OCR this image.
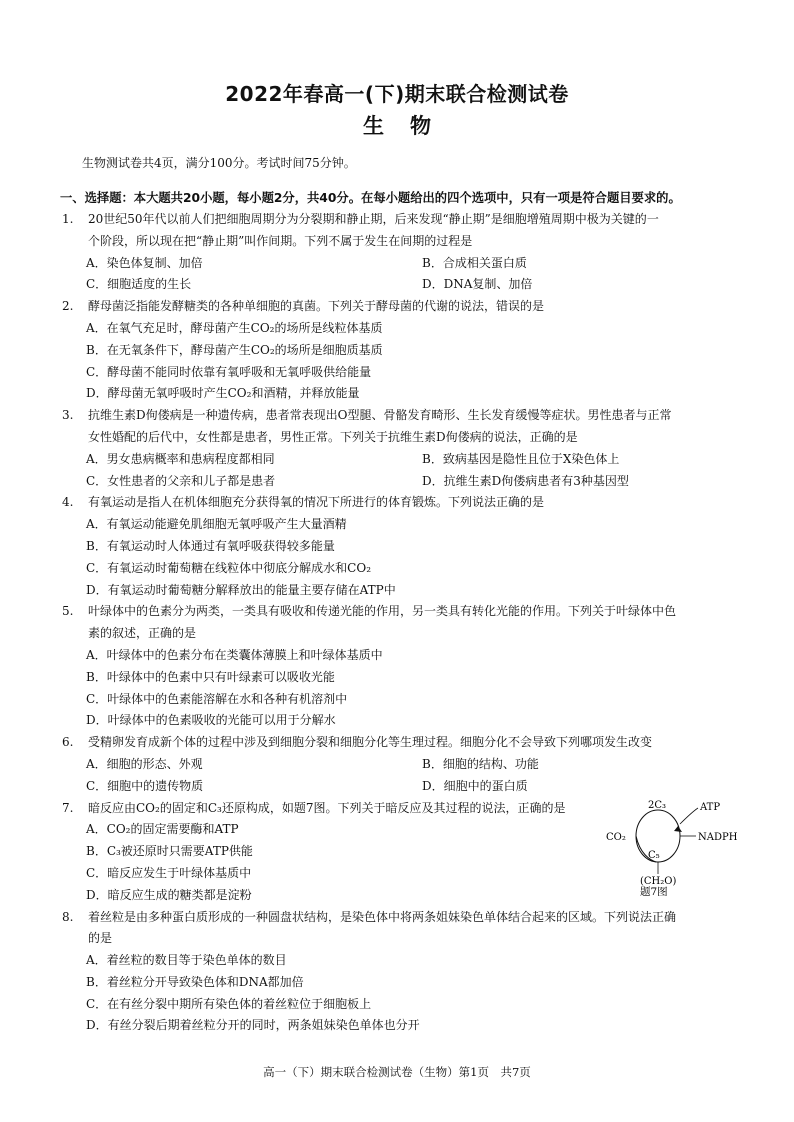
2022年春高一(下)期末联合检测试卷
生物
生物测试卷共4页，满分100分。考试时间75分钟。
一、选择题：本大题共20小题，每小题2分，共40分。在每小题给出的四个选项中，只有一项是符合题目要求的。
1.	20世纪50年代以前人们把细胞周期分为分裂期和静止期，后来发现“静止期”是细胞增殖周期中极为关键的一
个阶段，所以现在把“静止期”叫作间期。下列不属于发生在间期的过程是
A．染色体复制、加倍	B．合成相关蛋白质
C．细胞适度的生长	D．DNA复制、加倍
2.	酵母菌泛指能发酵糖类的各种单细胞的真菌。下列关于酵母菌的代谢的说法，错误的是
A．在氧气充足时，酵母菌产生CO₂的场所是线粒体基质
B．在无氧条件下，酵母菌产生CO₂的场所是细胞质基质
C．酵母菌不能同时依靠有氧呼吸和无氧呼吸供给能量
D．酵母菌无氧呼吸时产生CO₂和酒精，并释放能量
3.	抗维生素D佝偻病是一种遗传病，患者常表现出O型腿、骨骼发育畸形、生长发育缓慢等症状。男性患者与正常
女性婚配的后代中，女性都是患者，男性正常。下列关于抗维生素D佝偻病的说法，正确的是
A．男女患病概率和患病程度都相同	B．致病基因是隐性且位于X染色体上
C．女性患者的父亲和儿子都是患者	D．抗维生素D佝偻病患者有3种基因型
4.	有氧运动是指人在机体细胞充分获得氧的情况下所进行的体育锻炼。下列说法正确的是
A．有氧运动能避免肌细胞无氧呼吸产生大量酒精
B．有氧运动时人体通过有氧呼吸获得较多能量
C．有氧运动时葡萄糖在线粒体中彻底分解成水和CO₂
D．有氧运动时葡萄糖分解释放出的能量主要存储在ATP中
5.	叶绿体中的色素分为两类，一类具有吸收和传递光能的作用，另一类具有转化光能的作用。下列关于叶绿体中色
素的叙述，正确的是
A．叶绿体中的色素分布在类囊体薄膜上和叶绿体基质中
B．叶绿体中的色素中只有叶绿素可以吸收光能
C．叶绿体中的色素能溶解在水和各种有机溶剂中
D．叶绿体中的色素吸收的光能可以用于分解水
6.	受精卵发育成新个体的过程中涉及到细胞分裂和细胞分化等生理过程。细胞分化不会导致下列哪项发生改变
A．细胞的形态、外观	B．细胞的结构、功能
C．细胞中的遗传物质	D．细胞中的蛋白质
7.	暗反应由CO₂的固定和C₃还原构成，如题7图。下列关于暗反应及其过程的说法，正确的是
A．CO₂的固定需要酶和ATP
B．C₃被还原时只需要ATP供能
C．暗反应发生于叶绿体基质中
D．暗反应生成的糖类都是淀粉
2C₃	ATP
NADPH
CO₂
C₅
(CH₂O)
题7图
8.	着丝粒是由多种蛋白质形成的一种圆盘状结构，是染色体中将两条姐妹染色单体结合起来的区域。下列说法正确
的是
A．着丝粒的数目等于染色单体的数目
B．着丝粒分开导致染色体和DNA都加倍
C．在有丝分裂中期所有染色体的着丝粒位于细胞板上
D．有丝分裂后期着丝粒分开的同时，两条姐妹染色单体也分开
高一（下）期末联合检测试卷（生物）第1页　共7页
